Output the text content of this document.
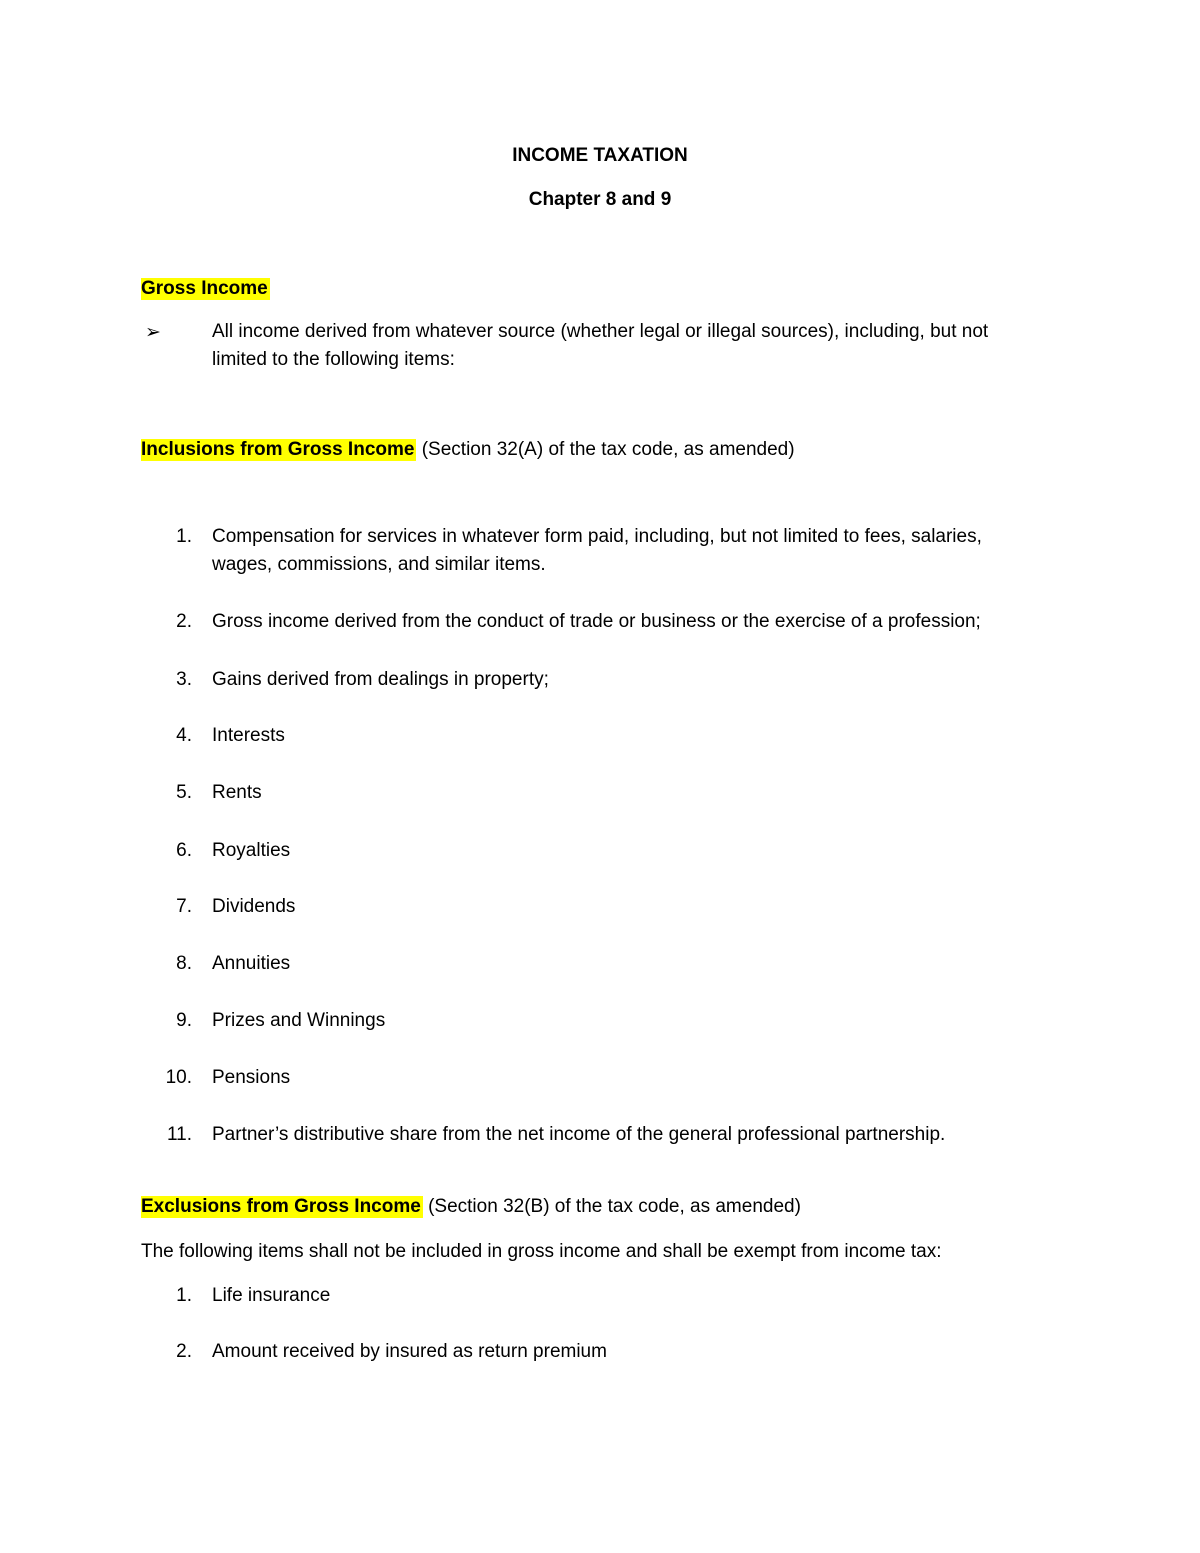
INCOME TAXATION
Chapter 8 and 9
Gross Income
➢	All income derived from whatever source (whether legal or illegal sources), including, but not limited to the following items:
Inclusions from Gross Income (Section 32(A) of the tax code, as amended)
1. Compensation for services in whatever form paid, including, but not limited to fees, salaries, wages, commissions, and similar items.
2. Gross income derived from the conduct of trade or business or the exercise of a profession;
3. Gains derived from dealings in property;
4. Interests
5. Rents
6. Royalties
7. Dividends
8. Annuities
9. Prizes and Winnings
10. Pensions
11. Partner’s distributive share from the net income of the general professional partnership.
Exclusions from Gross Income (Section 32(B) of the tax code, as amended)
The following items shall not be included in gross income and shall be exempt from income tax:
1. Life insurance
2. Amount received by insured as return premium
